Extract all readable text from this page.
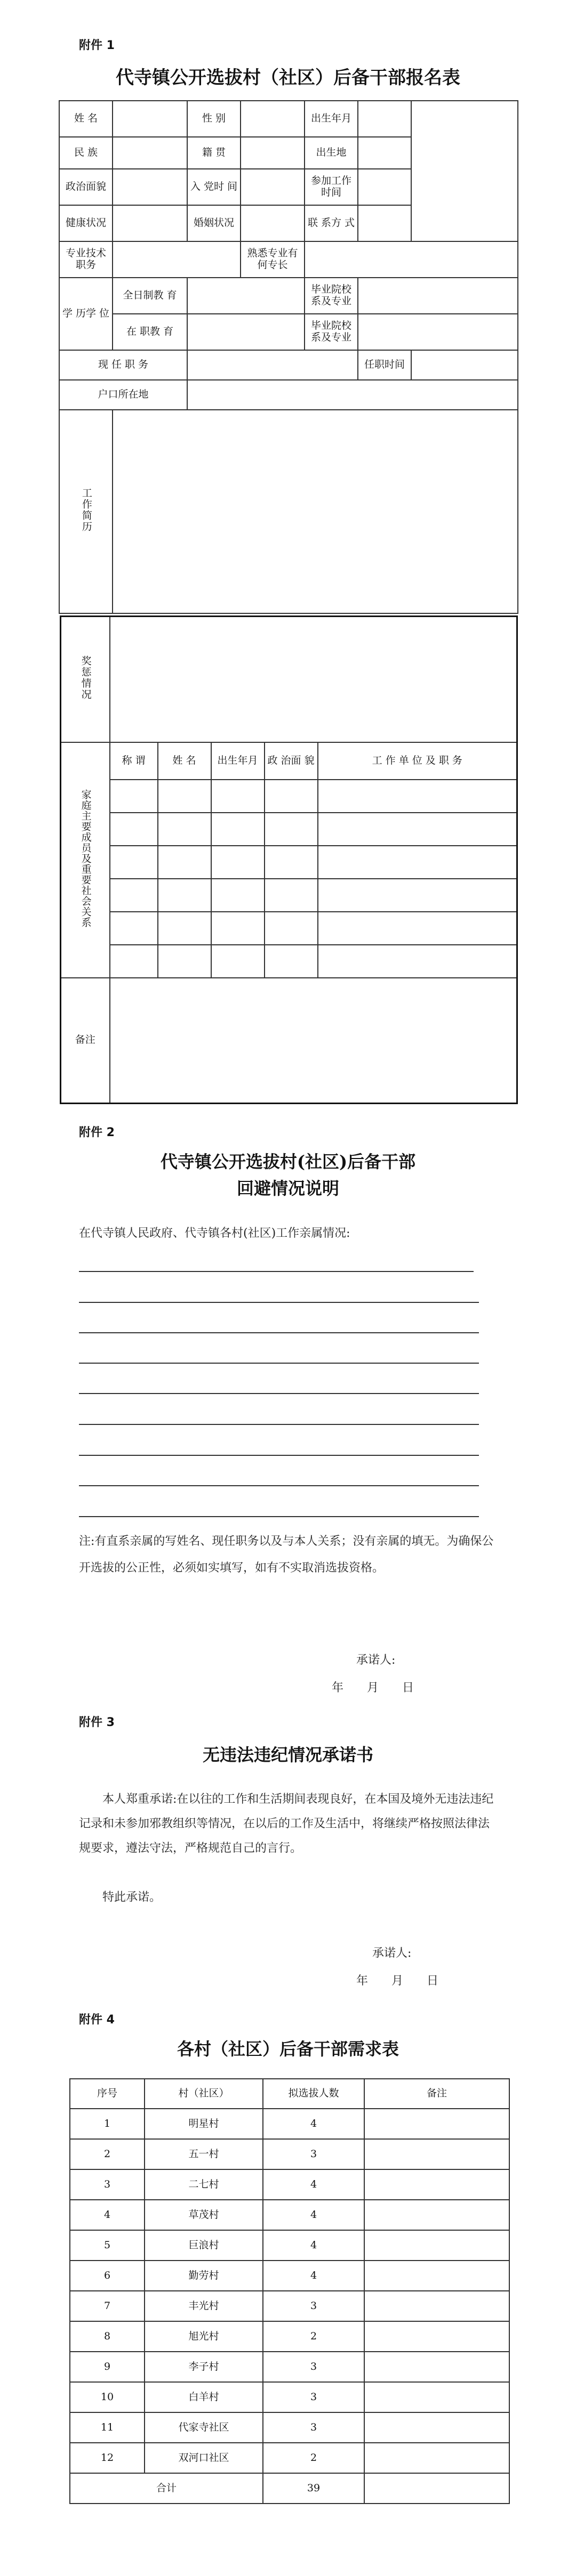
附件 1
代寺镇公开选拔村（社区）后备干部报名表
姓 名		性 别		出生年月		
民 族		籍 贯		出生地		
政治面貌		入 党时 间		参加工作时间		
健康状况		婚姻状况		联 系方 式		
专业技术职务			熟悉专业有何专长			
学 历学 位	全日制教 育			毕业院校系及专业		
	在 职教 育			毕业院校系及专业		
现 任 职 务					任职时间	
户口所在地						
工作简历						
奖惩情况					
家庭主要成员及重要社会关系	称 谓	姓 名	出生年月	政 治面 貌	工 作 单 位 及 职 务

备注					
附件 2
代寺镇公开选拔村(社区)后备干部
回避情况说明
在代寺镇人民政府、代寺镇各村(社区)工作亲属情况:
注:有直系亲属的写姓名、现任职务以及与本人关系；没有亲属的填无。为确保公开选拔的公正性，必须如实填写，如有不实取消选拔资格。
承诺人:
年　　月　　日
附件 3
无违法违纪情况承诺书
本人郑重承诺:在以往的工作和生活期间表现良好，在本国及境外无违法违纪记录和未参加邪教组织等情况，在以后的工作及生活中，将继续严格按照法律法规要求，遵法守法，严格规范自己的言行。
特此承诺。
承诺人:
年　　月　　日
附件 4
各村（社区）后备干部需求表
序号	村（社区）	拟选拔人数	备注
1	明星村	4	
2	五一村	3	
3	二七村	4	
4	草茂村	4	
5	巨浪村	4	
6	勤劳村	4	
7	丰光村	3	
8	旭光村	2	
9	李子村	3	
10	白羊村	3	
11	代家寺社区	3	
12	双河口社区	2	
合计		39	
